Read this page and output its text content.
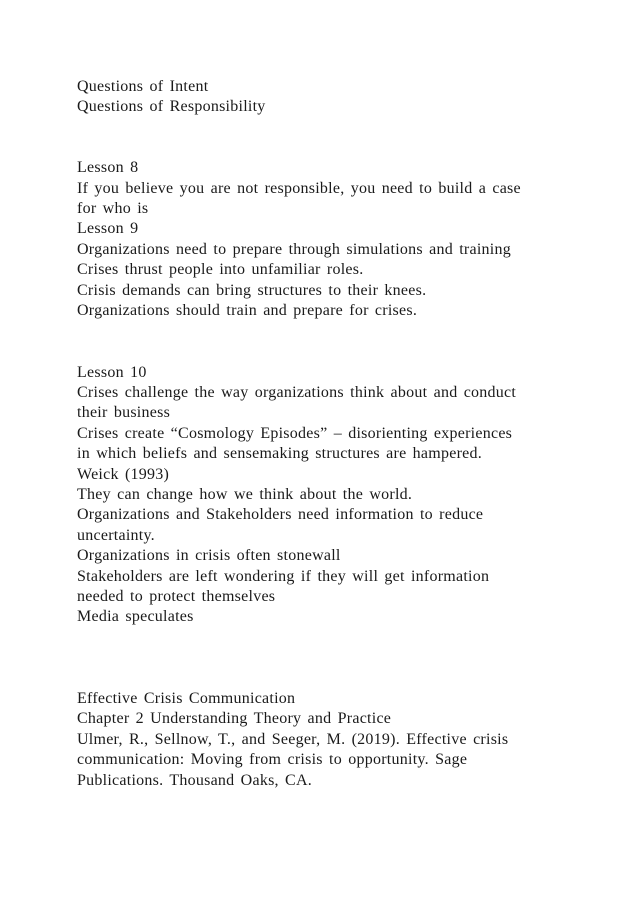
Questions of Intent
Questions of Responsibility
Lesson 8
If you believe you are not responsible, you need to build a case
for who is
Lesson 9
Organizations need to prepare through simulations and training
Crises thrust people into unfamiliar roles.
Crisis demands can bring structures to their knees.
Organizations should train and prepare for crises.
Lesson 10
Crises challenge the way organizations think about and conduct
their business
Crises create “Cosmology Episodes” – disorienting experiences
in which beliefs and sensemaking structures are hampered.
Weick (1993)
They can change how we think about the world.
Organizations and Stakeholders need information to reduce
uncertainty.
Organizations in crisis often stonewall
Stakeholders are left wondering if they will get information
needed to protect themselves
Media speculates
Effective Crisis Communication
Chapter 2 Understanding Theory and Practice
Ulmer, R., Sellnow, T., and Seeger, M. (2019). Effective crisis
communication: Moving from crisis to opportunity. Sage
Publications. Thousand Oaks, CA.
